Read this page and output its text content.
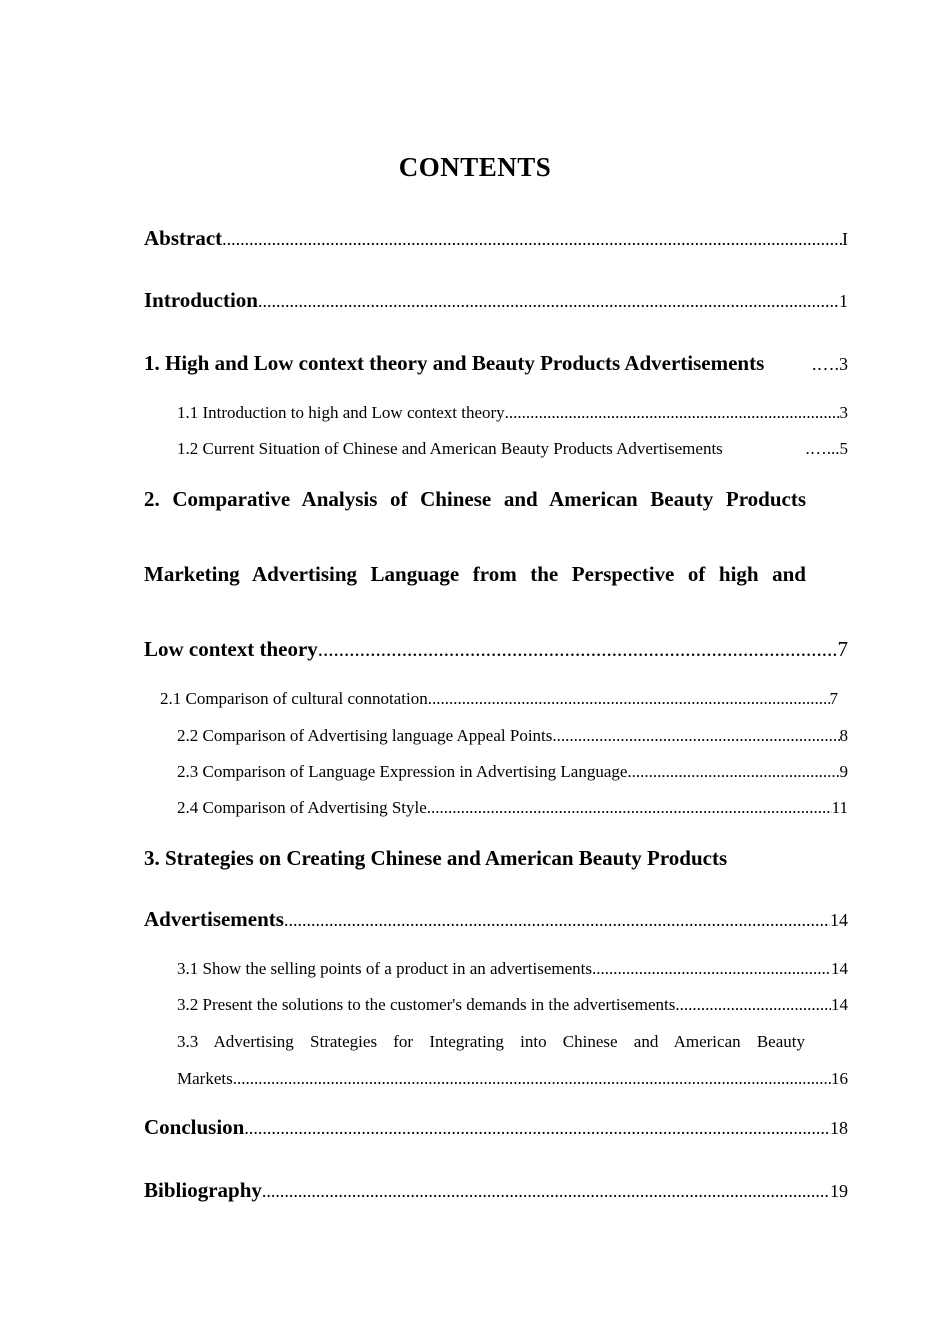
CONTENTS
Abstract .....	I
Introduction .....	1
1. High and Low context theory and Beauty Products Advertisements	.…. 3
1.1 Introduction to high and Low context theory .....	3
1.2 Current Situation of Chinese and American Beauty Products Advertisements	.…... 5
2. Comparative Analysis of Chinese and American Beauty Products
Marketing Advertising Language from the Perspective of high and
Low context theory .....	7
2.1 Comparison of cultural connotation .....	7
2.2 Comparison of Advertising language Appeal Points .....	8
2.3 Comparison of Language Expression in Advertising Language .....	9
2.4 Comparison of Advertising Style .....	11
3. Strategies on Creating Chinese and American Beauty Products
Advertisements .....	14
3.1 Show the selling points of a product in an advertisements .....	14
3.2 Present the solutions to the customer's demands in the advertisements .....	14
3.3 Advertising Strategies for Integrating into Chinese and American Beauty
Markets .....	16
Conclusion .....	18
Bibliography .....	19
